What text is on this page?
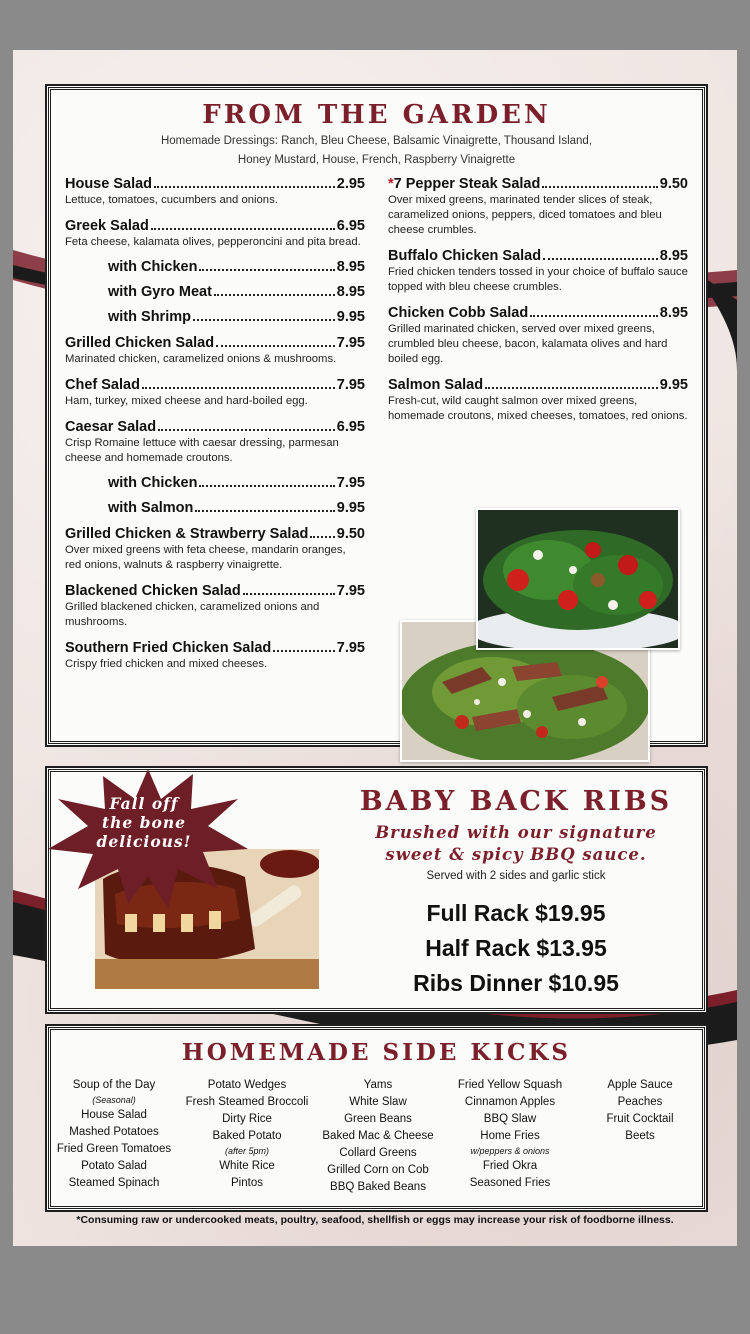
FROM THE GARDEN
Homemade Dressings: Ranch, Bleu Cheese, Balsamic Vinaigrette, Thousand Island,
Honey Mustard, House, French, Raspberry Vinaigrette
House Salad	2.95
Lettuce, tomatoes, cucumbers and onions.
Greek Salad	6.95
Feta cheese, kalamata olives, pepperoncini and pita bread.
with Chicken	8.95
with Gyro Meat	8.95
with Shrimp	9.95
Grilled Chicken Salad	7.95
Marinated chicken, caramelized onions & mushrooms.
Chef Salad	7.95
Ham, turkey, mixed cheese and hard-boiled egg.
Caesar Salad	6.95
Crisp Romaine lettuce with caesar dressing, parmesan cheese and homemade croutons.
with Chicken	7.95
with Salmon	9.95
Grilled Chicken & Strawberry Salad 9.50
Over mixed greens with feta cheese, mandarin oranges, red onions, walnuts & raspberry vinaigrette.
Blackened Chicken Salad	7.95
Grilled blackened chicken, caramelized onions and mushrooms.
Southern Fried Chicken Salad	7.95
Crispy fried chicken and mixed cheeses.
*7 Pepper Steak Salad	9.50
Over mixed greens, marinated tender slices of steak, caramelized onions, peppers, diced tomatoes and bleu cheese crumbles.
Buffalo Chicken Salad	8.95
Fried chicken tenders tossed in your choice of buffalo sauce topped with bleu cheese crumbles.
Chicken Cobb Salad	8.95
Grilled marinated chicken, served over mixed greens, crumbled bleu cheese, bacon, kalamata olives and hard boiled egg.
Salmon Salad	9.95
Fresh-cut, wild caught salmon over mixed greens, homemade croutons, mixed cheeses, tomatoes, red onions.
Fall off
the bone
delicious!
BABY BACK RIBS
Brushed with our signature
sweet & spicy BBQ sauce.
Served with 2 sides and garlic stick
Full Rack $19.95
Half Rack $13.95
Ribs Dinner $10.95
HOMEMADE SIDE KICKS
Soup of the Day
(Seasonal)
House Salad
Mashed Potatoes
Fried Green Tomatoes
Potato Salad
Steamed Spinach
Potato Wedges
Fresh Steamed Broccoli
Dirty Rice
Baked Potato
(after 5pm)
White Rice
Pintos
Yams
White Slaw
Green Beans
Baked Mac & Cheese
Collard Greens
Grilled Corn on Cob
BBQ Baked Beans
Fried Yellow Squash
Cinnamon Apples
BBQ Slaw
Home Fries
w/peppers & onions
Fried Okra
Seasoned Fries
Apple Sauce
Peaches
Fruit Cocktail
Beets
*Consuming raw or undercooked meats, poultry, seafood, shellfish or eggs may increase your risk of foodborne illness.
